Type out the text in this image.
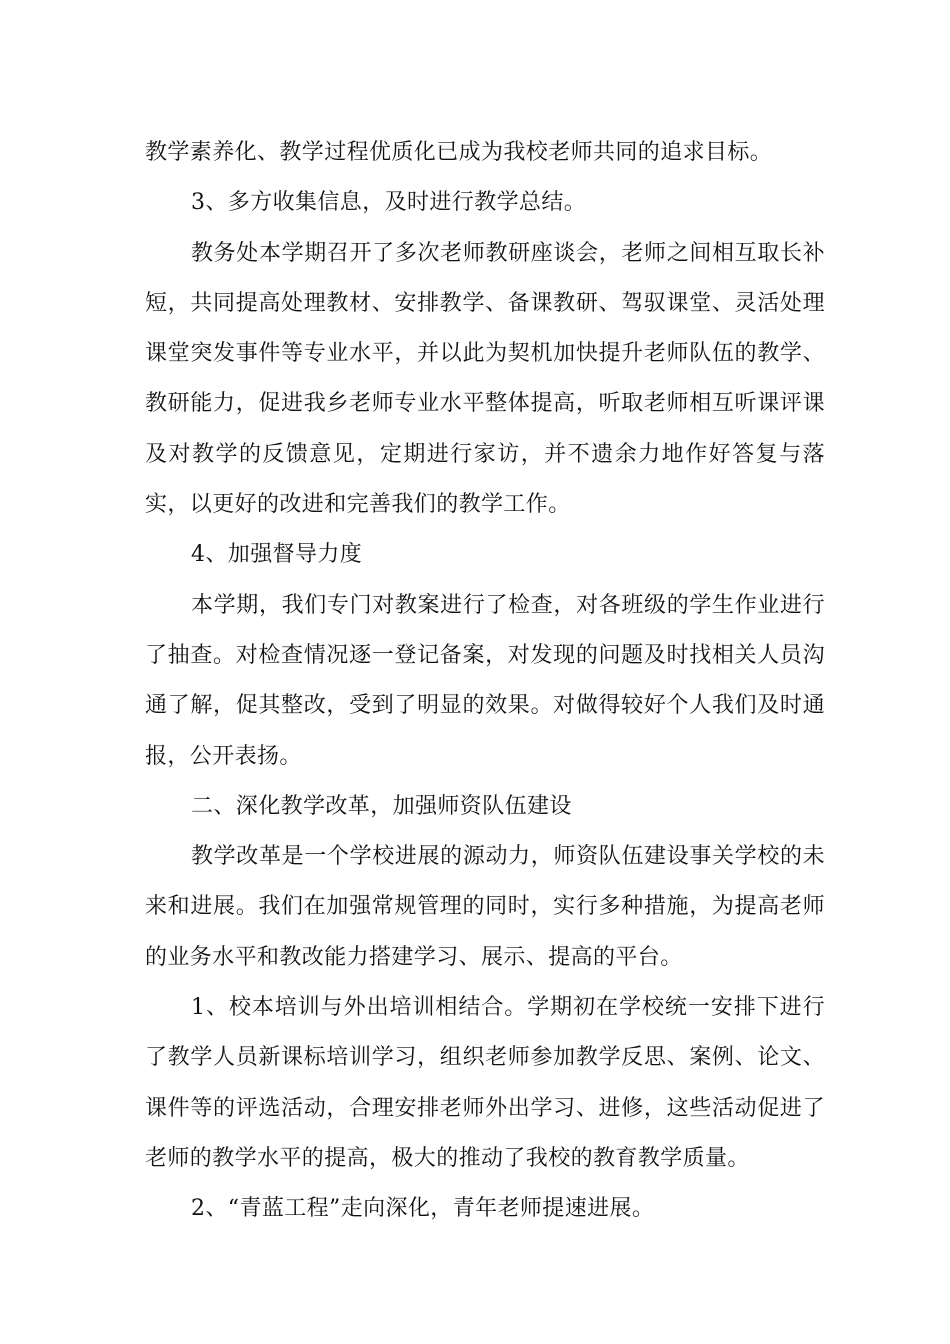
教学素养化、教学过程优质化已成为我校老师共同的追求目标。

3、多方收集信息，及时进行教学总结。

教务处本学期召开了多次老师教研座谈会，老师之间相互取长补短，共同提高处理教材、安排教学、备课教研、驾驭课堂、灵活处理课堂突发事件等专业水平，并以此为契机加快提升老师队伍的教学、教研能力，促进我乡老师专业水平整体提高，听取老师相互听课评课及对教学的反馈意见，定期进行家访，并不遗余力地作好答复与落实，以更好的改进和完善我们的教学工作。

4、加强督导力度

本学期，我们专门对教案进行了检查，对各班级的学生作业进行了抽查。对检查情况逐一登记备案，对发现的问题及时找相关人员沟通了解，促其整改，受到了明显的效果。对做得较好个人我们及时通报，公开表扬。

二、深化教学改革，加强师资队伍建设

教学改革是一个学校进展的源动力，师资队伍建设事关学校的未来和进展。我们在加强常规管理的同时，实行多种措施，为提高老师的业务水平和教改能力搭建学习、展示、提高的平台。

1、校本培训与外出培训相结合。学期初在学校统一安排下进行了教学人员新课标培训学习，组织老师参加教学反思、案例、论文、课件等的评选活动，合理安排老师外出学习、进修，这些活动促进了老师的教学水平的提高，极大的推动了我校的教育教学质量。

2、“青蓝工程”走向深化，青年老师提速进展。
